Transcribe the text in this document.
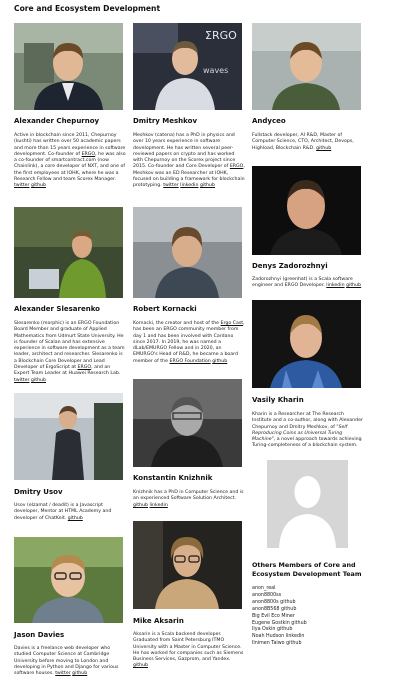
Core and Ecosystem Development
Alexander Chepurnoy
Active in blockchain since 2011, Chepurnoy (kushti) has written over 50 academic papers and more than 15 years experience in software development. Co-founder of ERGO, he was also a co-founder of smartcontract.com (now Chainlink), a core developer of NXT, and one of the first employees at IOHK, where he was a Research Fellow and team Scorex Manager. twitter github
Alexander Slesarenko
Slesarenko (morphic) is an ERGO Foundation Board Member and graduate of Applied Mathematics from Udmurt State University. He is founder of Scalan and has extensive experience in software development as a team leader, architect and researcher. Slesarenko is a Blockchain Core Developer and Lead Developer of ErgoScript at ERGO, and an Expert Team Leader at Huawei Research Lab. twitter github
Dmitry Usov
Usov (elzamat / deadit) is a Javascript developer, Mentor at HTML Academy and developer of ChatKeit. github
Jason Davies
Davies is a freelance web developer who studied Computer Science at Cambridge University before moving to London and developing in Python and Django for various software houses. twitter github
ΣRGO
waves
Dmitry Meshkov
Meshkov (catena) has a PhD in physics and over 10 years experience in software development. He has written several peer-reviewed papers on crypto and has worked with Chepurnoy on the Scorex project since 2015. Co-founder and Core Developer of ERGO, Meshkov was an ED Researcher at IOHK, focused on building a framework for blockchain prototyping. twitter linkedin github
Robert Kornacki
Kornacki, the creator and host of the Ergo Cast, has been an ERGO community member from day 1 and has been involved with Cardano since 2017. In 2019, he was named a dLab/EMURGO Fellow and in 2020, an EMURGO's Head of R&D, he became a board member of the ERGO Foundation github
Konstantin Knizhnik
Knizhnik has a PhD in Computer Science and is an experienced Software Solution Architect. github linkedin
Mike Aksarin
Aksarin is a Scala backend developer. Graduated from Saint Petersburg ITMO University with a Master in Computer Science. He has worked for companies such as Siemens Business Services, Gazprom, and Yandex. github
Andyceo
Fullstack developer, AI R&D, Master of Computer Science, CTO, Architect, Devops, Highload, Blockchain R&D. github
Denys Zadorozhnyi
Zadorozhnyi (greenhat) is a Scala software engineer and ERGO Developer. linkedin github
Vasily Kharin
Kharin is a Researcher at The Research Institute and a co-author, along with Alexander Chepurnoy and Dmitry Meshkov, of "Self Reproducing Coins as Universal Turing Machine", a novel approach towards achieving Turing-completeness of a blockchain system.
Others Members of Core and Ecosystem Development Team
anon_real
anon8800ss
anon8800s github
anon8B568 github
Big Evil Eco Miner
Eugene Gostkin github
Ilya Oskin github
Noah Hudson linkedin
Ilnimen Taiwo github
